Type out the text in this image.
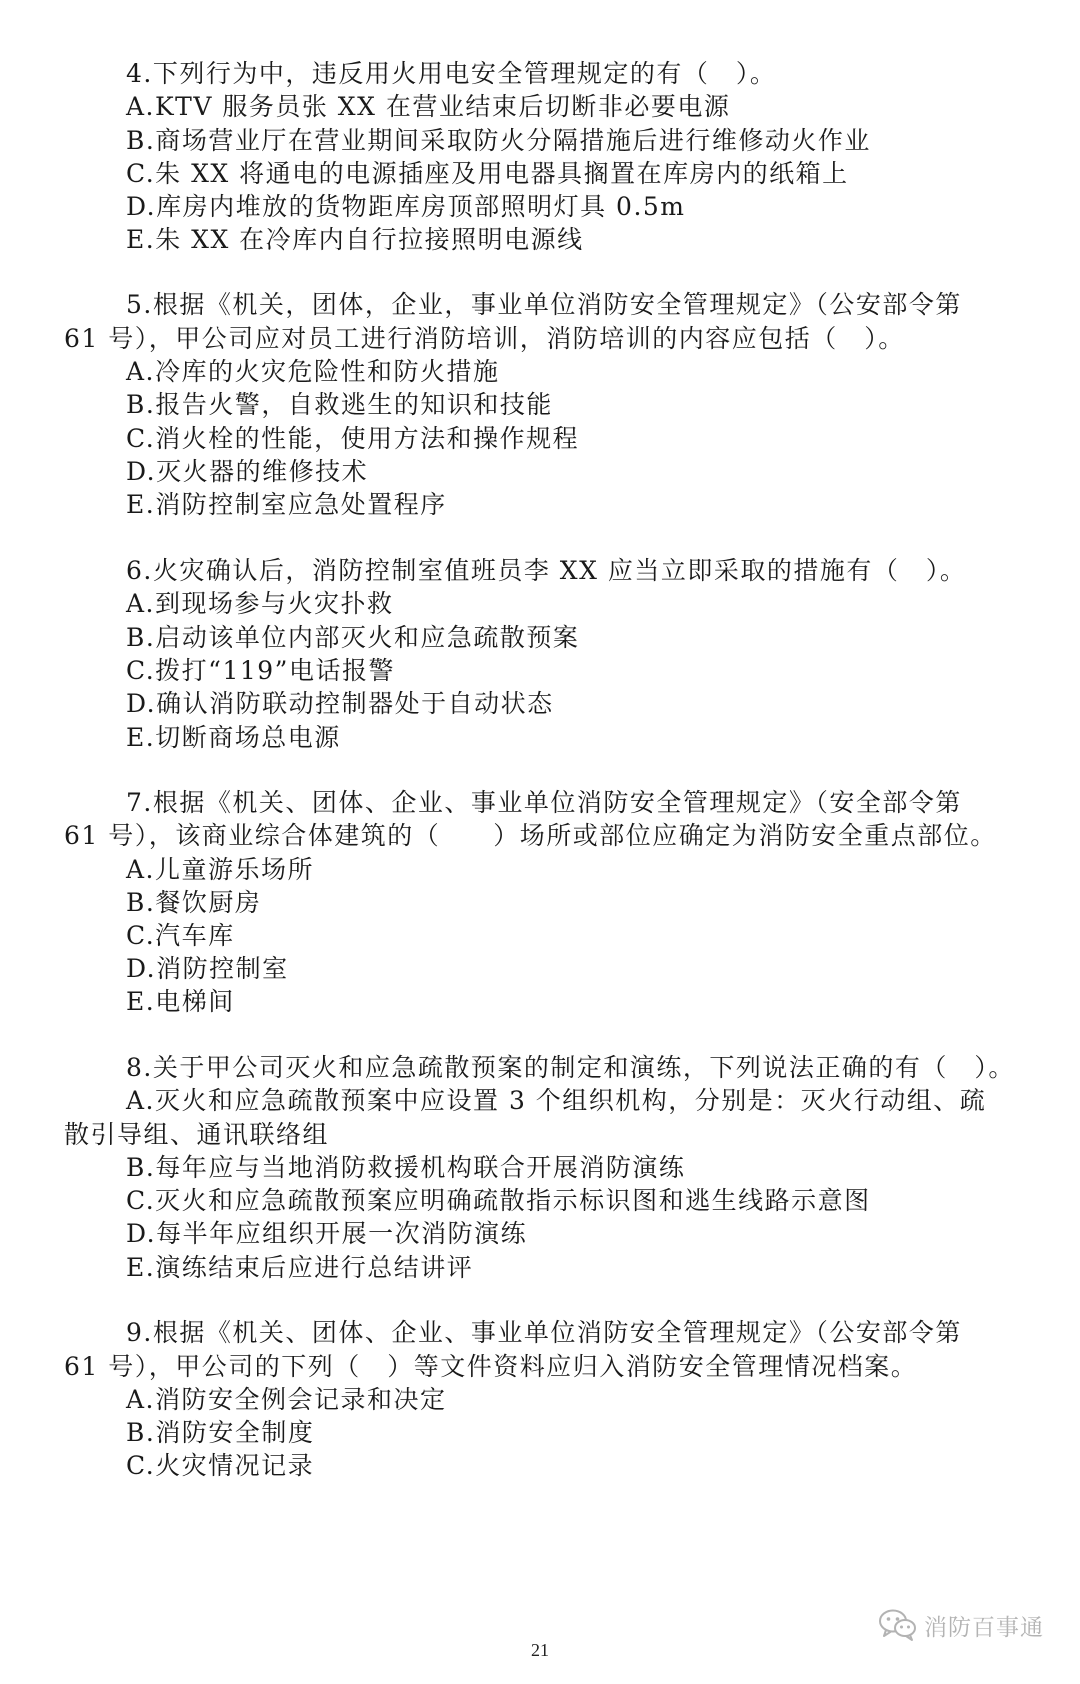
4.下列行为中，违反用火用电安全管理规定的有（　）。
A.KTV 服务员张 XX 在营业结束后切断非必要电源
B.商场营业厅在营业期间采取防火分隔措施后进行维修动火作业
C.朱 XX 将通电的电源插座及用电器具搁置在库房内的纸箱上
D.库房内堆放的货物距库房顶部照明灯具 0.5m
E.朱 XX 在冷库内自行拉接照明电源线
5.根据《机关，团体，企业，事业单位消防安全管理规定》（公安部令第
61 号），甲公司应对员工进行消防培训，消防培训的内容应包括（　）。
A.冷库的火灾危险性和防火措施
B.报告火警，自救逃生的知识和技能
C.消火栓的性能，使用方法和操作规程
D.灭火器的维修技术
E.消防控制室应急处置程序
6.火灾确认后，消防控制室值班员李 XX 应当立即采取的措施有（　）。
A.到现场参与火灾扑救
B.启动该单位内部灭火和应急疏散预案
C.拨打“119”电话报警
D.确认消防联动控制器处于自动状态
E.切断商场总电源
7.根据《机关、团体、企业、事业单位消防安全管理规定》（安全部令第
61 号），该商业综合体建筑的（　　）场所或部位应确定为消防安全重点部位。
A.儿童游乐场所
B.餐饮厨房
C.汽车库
D.消防控制室
E.电梯间
8.关于甲公司灭火和应急疏散预案的制定和演练，下列说法正确的有（　）。
A.灭火和应急疏散预案中应设置 3 个组织机构，分别是：灭火行动组、疏
散引导组、通讯联络组
B.每年应与当地消防救援机构联合开展消防演练
C.灭火和应急疏散预案应明确疏散指示标识图和逃生线路示意图
D.每半年应组织开展一次消防演练
E.演练结束后应进行总结讲评
9.根据《机关、团体、企业、事业单位消防安全管理规定》（公安部令第
61 号），甲公司的下列（　）等文件资料应归入消防安全管理情况档案。
A.消防安全例会记录和决定
B.消防安全制度
C.火灾情况记录
消防百事通
21
